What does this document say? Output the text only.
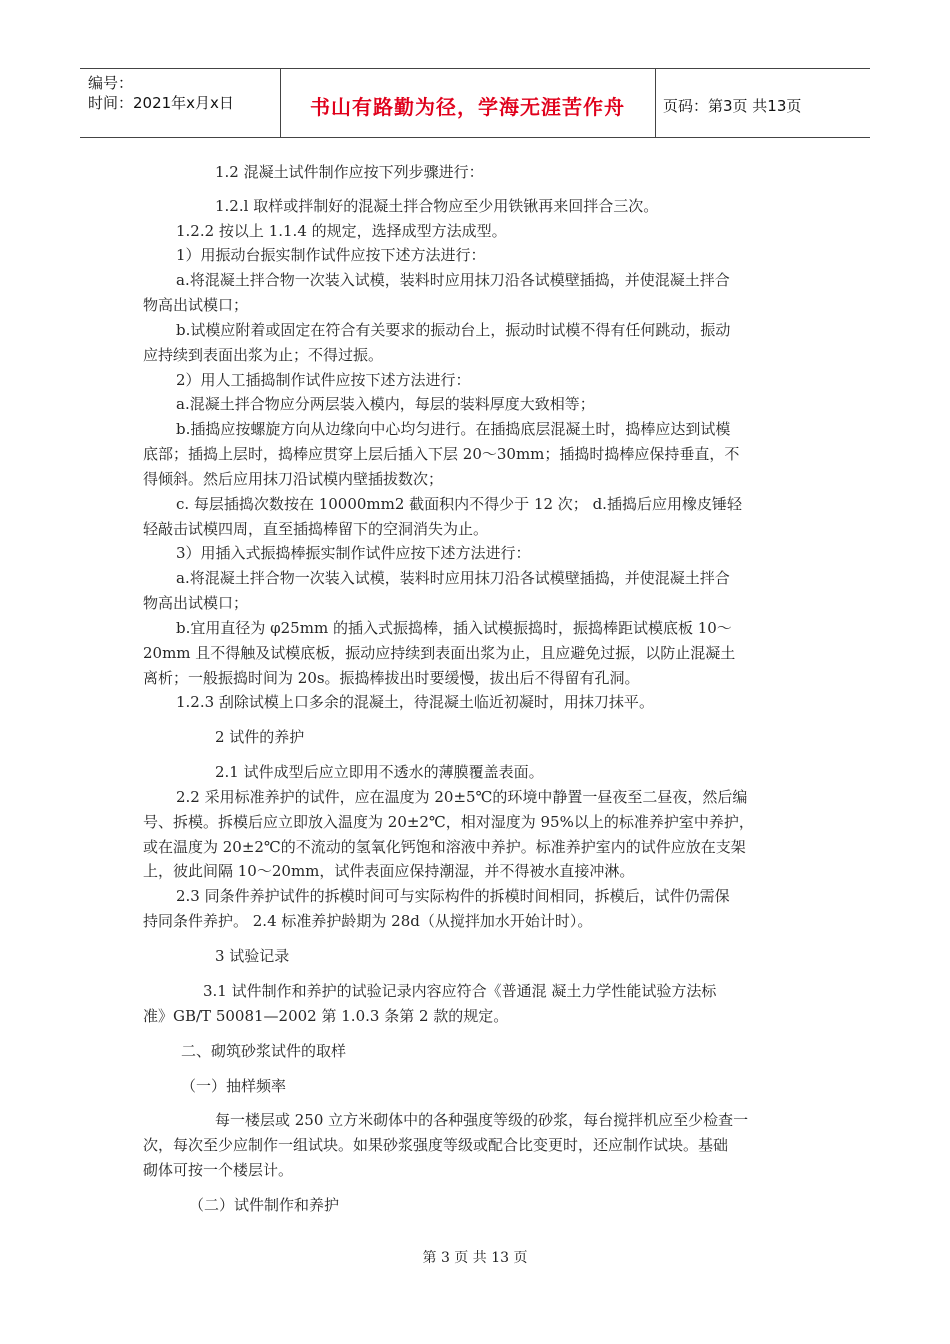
编号：
时间：2021年x月x日	书山有路勤为径，学海无涯苦作舟	页码：第3页 共13页
1.2 混凝土试件制作应按下列步骤进行：
1.2.l 取样或拌制好的混凝土拌合物应至少用铁锹再来回拌合三次。
1.2.2 按以上 1.1.4 的规定，选择成型方法成型。
1）用振动台振实制作试件应按下述方法进行：
a.将混凝土拌合物一次装入试模，装料时应用抹刀沿各试模壁插捣，并使混凝土拌合
物高出试模口；
b.试模应附着或固定在符合有关要求的振动台上，振动时试模不得有任何跳动，振动
应持续到表面出浆为止；不得过振。
2）用人工插捣制作试件应按下述方法进行：
a.混凝土拌合物应分两层装入模内，每层的装料厚度大致相等；
b.插捣应按螺旋方向从边缘向中心均匀进行。在插捣底层混凝土时，捣棒应达到试模
底部；插捣上层时，捣棒应贯穿上层后插入下层 20～30mm；插捣时捣棒应保持垂直，不
得倾斜。然后应用抹刀沿试模内壁插拔数次；
c. 每层插捣次数按在 10000mm2 截面积内不得少于 12 次； d.插捣后应用橡皮锤轻
轻敲击试模四周，直至插捣棒留下的空洞消失为止。
3）用插入式振捣棒振实制作试件应按下述方法进行：
a.将混凝土拌合物一次装入试模，装料时应用抹刀沿各试模壁插捣，并使混凝土拌合
物高出试模口；
b.宜用直径为 φ25mm 的插入式振捣棒，插入试模振捣时，振捣棒距试模底板 10～
20mm 且不得触及试模底板，振动应持续到表面出浆为止，且应避免过振，以防止混凝土
离析；一般振捣时间为 20s。振捣棒拔出时要缓慢，拔出后不得留有孔洞。
1.2.3 刮除试模上口多余的混凝土，待混凝土临近初凝时，用抹刀抹平。
2 试件的养护
2.1 试件成型后应立即用不透水的薄膜覆盖表面。
2.2 采用标准养护的试件，应在温度为 20±5℃的环境中静置一昼夜至二昼夜，然后编
号、拆模。拆模后应立即放入温度为 20±2℃，相对湿度为 95%以上的标准养护室中养护，
或在温度为 20±2℃的不流动的氢氧化钙饱和溶液中养护。标准养护室内的试件应放在支架
上，彼此间隔 10～20mm，试件表面应保持潮湿，并不得被水直接冲淋。
2.3 同条件养护试件的拆模时间可与实际构件的拆模时间相同，拆模后，试件仍需保
持同条件养护。 2.4 标准养护龄期为 28d（从搅拌加水开始计时）。
3 试验记录
3.1 试件制作和养护的试验记录内容应符合《普通混 凝土力学性能试验方法标
准》GB/T 50081—2002 第 1.0.3 条第 2 款的规定。
二、砌筑砂浆试件的取样
（一）抽样频率
每一楼层或 250 立方米砌体中的各种强度等级的砂浆，每台搅拌机应至少检查一
次，每次至少应制作一组试块。如果砂浆强度等级或配合比变更时，还应制作试块。基础
砌体可按一个楼层计。
（二）试件制作和养护
第 3 页 共 13 页
